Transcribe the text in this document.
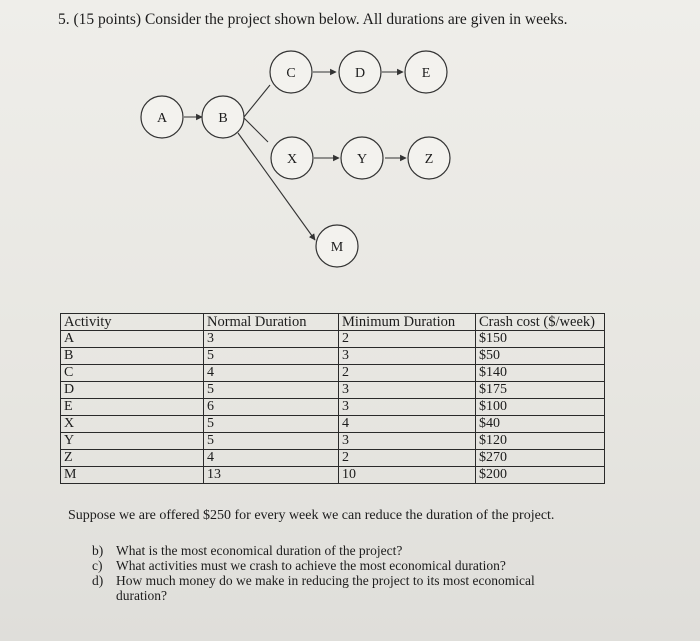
5. (15 points) Consider the project shown below. All durations are given in weeks.
A	B
C	D	E
X	Y	Z
M
Activity	Normal Duration	Minimum Duration	Crash cost ($/week)
A	3	2	$150
B	5	3	$50
C	4	2	$140
D	5	3	$175
E	6	3	$100
X	5	4	$40
Y	5	3	$120
Z	4	2	$270
M	13	10	$200
Suppose we are offered $250 for every week we can reduce the duration of the project.
b) What is the most economical duration of the project?
c) What activities must we crash to achieve the most economical duration?
d) How much money do we make in reducing the project to its most economical duration?
